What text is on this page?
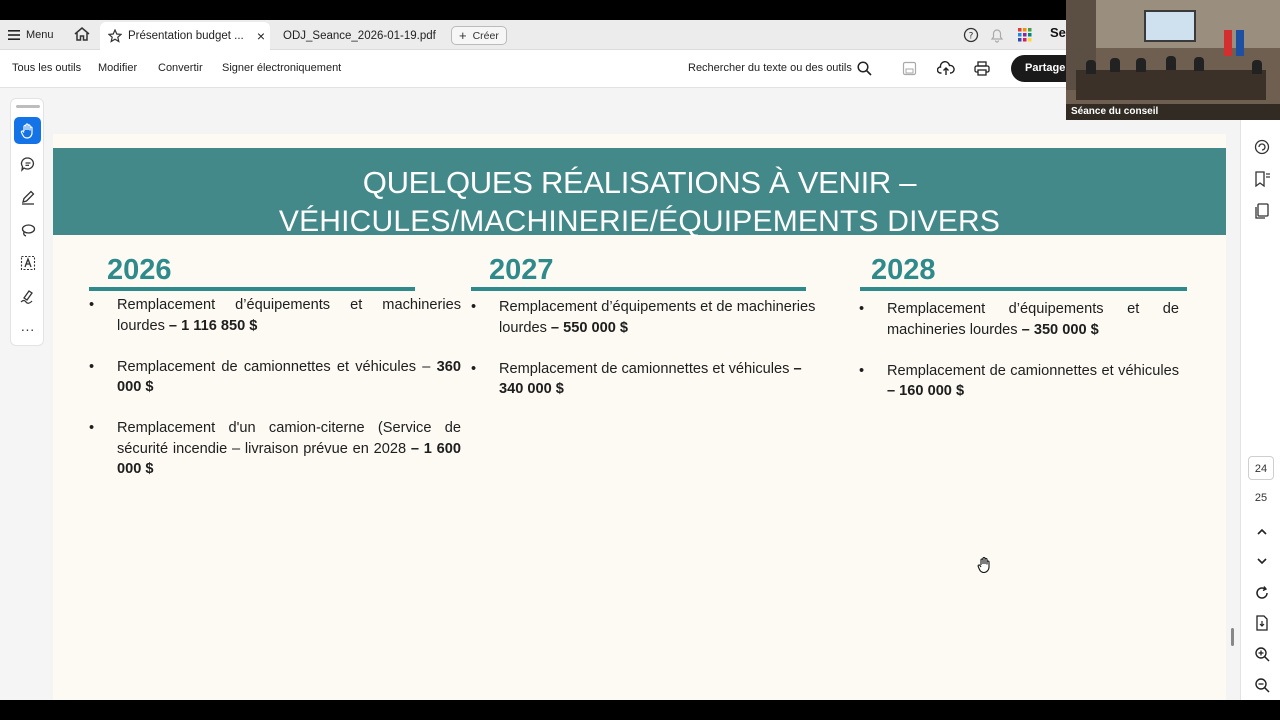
Menu	Présentation budget ... ×	ODJ_Seance_2026-01-19.pdf + Créer	?	Se
Tous les outils Modifier Convertir Signer électroniquement	Rechercher du texte ou des outils	Partage
···
QUELQUES RÉALISATIONS À VENIR –
VÉHICULES/MACHINERIE/ÉQUIPEMENTS DIVERS
2026
• Remplacement d’équipements et machineries lourdes – 1 116 850 $
• Remplacement de camionnettes et véhicules – 360 000 $
• Remplacement d'un camion-citerne (Service de sécurité incendie – livraison prévue en 2028 – 1 600 000 $
2027
• Remplacement d’équipements et de machineries lourdes – 550 000 $
• Remplacement de camionnettes et véhicules – 340 000 $
2028
• Remplacement d’équipements et de machineries lourdes – 350 000 $
• Remplacement de camionnettes et véhicules – 160 000 $
24
25
Séance du conseil
